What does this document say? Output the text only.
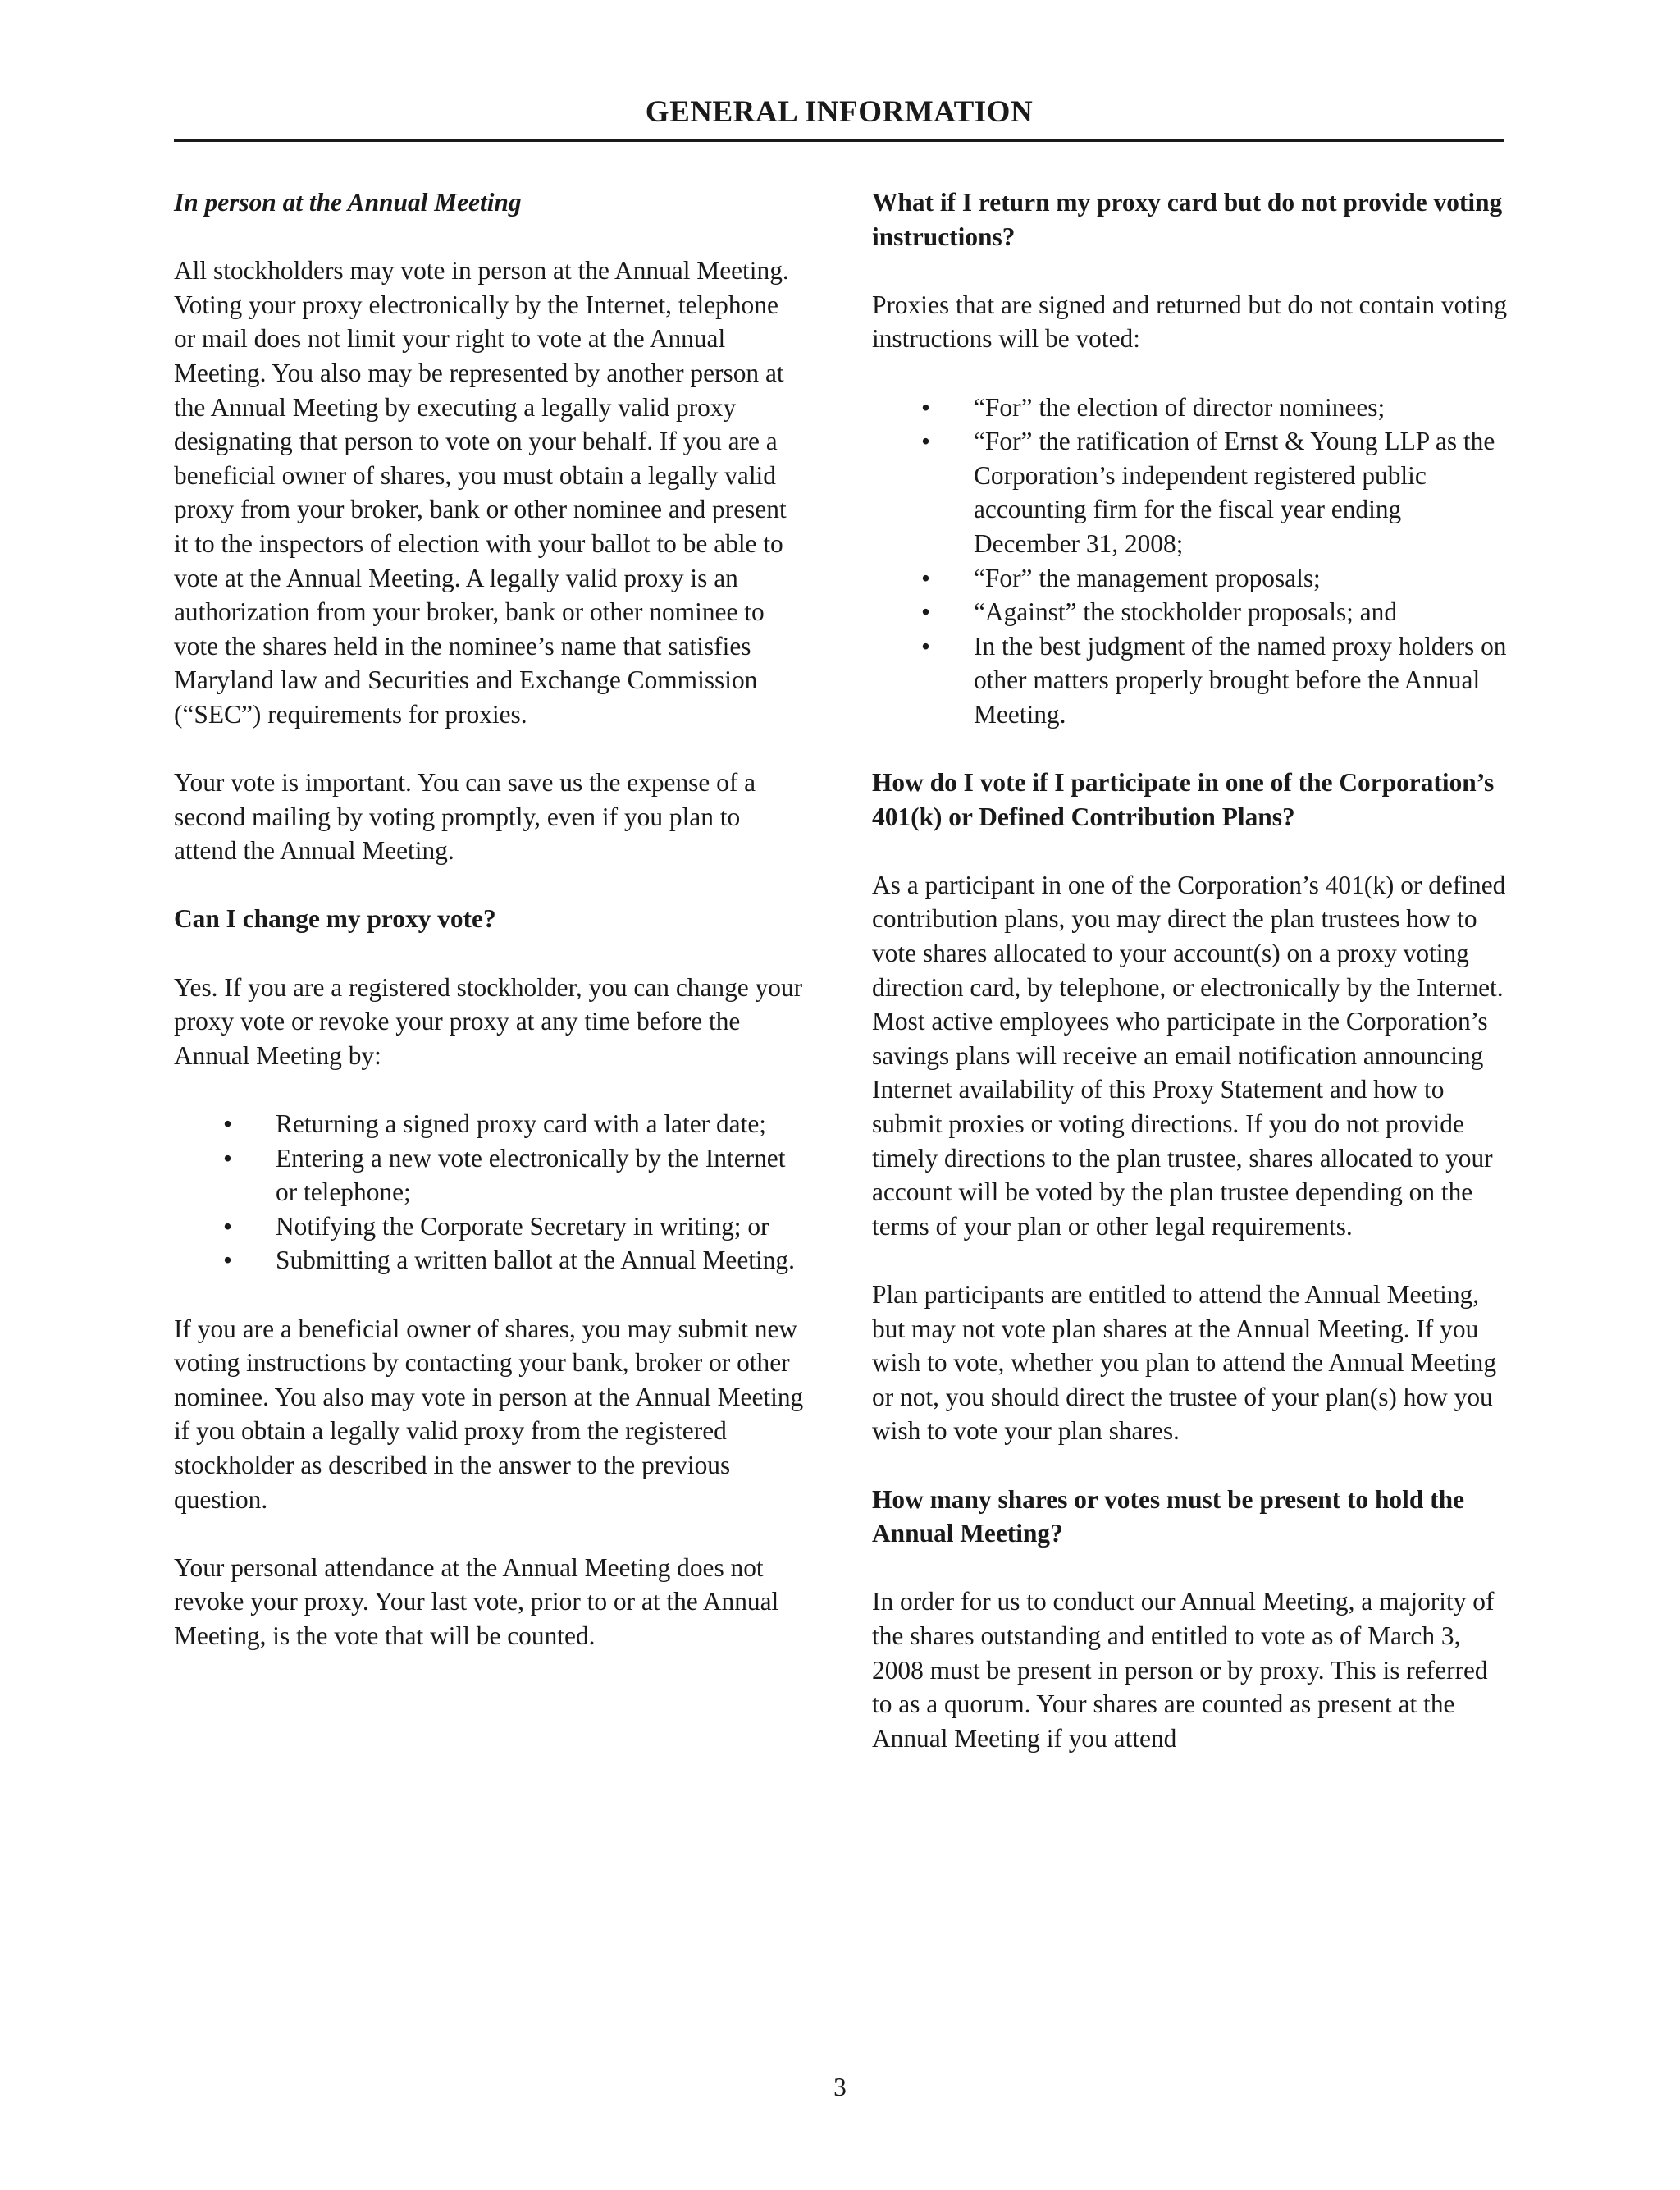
GENERAL INFORMATION
In person at the Annual Meeting

All stockholders may vote in person at the Annual Meeting. Voting your proxy electronically by the Internet, telephone or mail does not limit your right to vote at the Annual Meeting. You also may be represented by another person at the Annual Meeting by executing a legally valid proxy designating that person to vote on your behalf. If you are a beneficial owner of shares, you must obtain a legally valid proxy from your broker, bank or other nominee and present it to the inspectors of election with your ballot to be able to vote at the Annual Meeting. A legally valid proxy is an authorization from your broker, bank or other nominee to vote the shares held in the nominee’s name that satisfies Maryland law and Securities and Exchange Commission (“SEC”) requirements for proxies.

Your vote is important. You can save us the expense of a second mailing by voting promptly, even if you plan to attend the Annual Meeting.

Can I change my proxy vote?

Yes. If you are a registered stockholder, you can change your proxy vote or revoke your proxy at any time before the Annual Meeting by:

• Returning a signed proxy card with a later date;
• Entering a new vote electronically by the Internet or telephone;
• Notifying the Corporate Secretary in writing; or
• Submitting a written ballot at the Annual Meeting.

If you are a beneficial owner of shares, you may submit new voting instructions by contacting your bank, broker or other nominee. You also may vote in person at the Annual Meeting if you obtain a legally valid proxy from the registered stockholder as described in the answer to the previous question.

Your personal attendance at the Annual Meeting does not revoke your proxy. Your last vote, prior to or at the Annual Meeting, is the vote that will be counted.

What if I return my proxy card but do not provide voting instructions?

Proxies that are signed and returned but do not contain voting instructions will be voted:

• “For” the election of director nominees;
• “For” the ratification of Ernst & Young LLP as the Corporation’s independent registered public accounting firm for the fiscal year ending December 31, 2008;
• “For” the management proposals;
• “Against” the stockholder proposals; and
• In the best judgment of the named proxy holders on other matters properly brought before the Annual Meeting.
How do I vote if I participate in one of the Corporation’s 401(k) or Defined Contribution Plans?

As a participant in one of the Corporation’s 401(k) or defined contribution plans, you may direct the plan trustees how to vote shares allocated to your account(s) on a proxy voting direction card, by telephone, or electronically by the Internet. Most active employees who participate in the Corporation’s savings plans will receive an email notification announcing Internet availability of this Proxy Statement and how to submit proxies or voting directions. If you do not provide timely directions to the plan trustee, shares allocated to your account will be voted by the plan trustee depending on the terms of your plan or other legal requirements.

Plan participants are entitled to attend the Annual Meeting, but may not vote plan shares at the Annual Meeting. If you wish to vote, whether you plan to attend the Annual Meeting or not, you should direct the trustee of your plan(s) how you wish to vote your plan shares.

How many shares or votes must be present to hold the Annual Meeting?

In order for us to conduct our Annual Meeting, a majority of the shares outstanding and entitled to vote as of March 3, 2008 must be present in person or by proxy. This is referred to as a quorum. Your shares are counted as present at the Annual Meeting if you attend

3
